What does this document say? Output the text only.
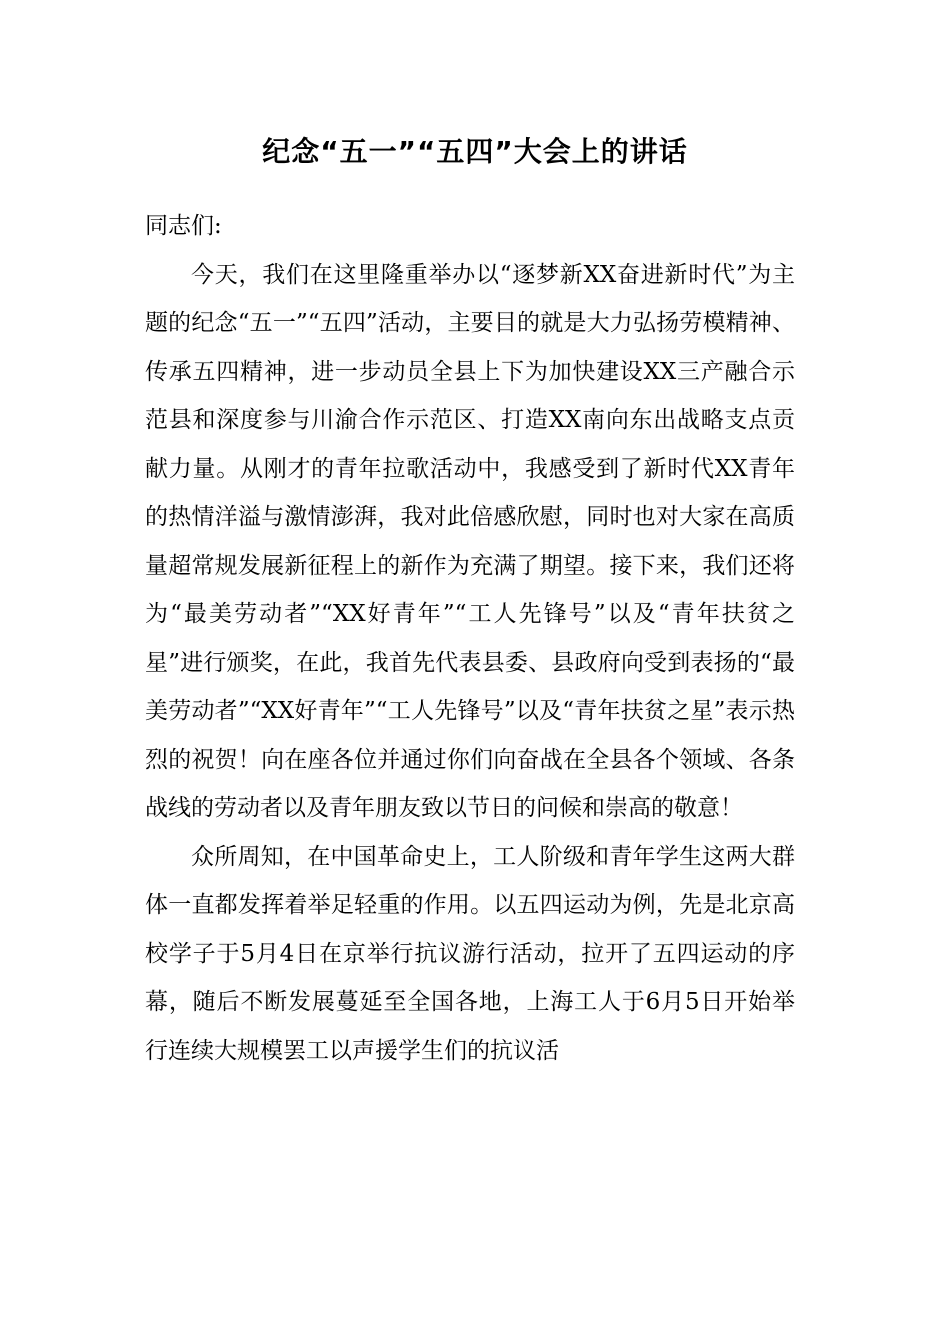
纪念“五一”“五四”大会上的讲话

同志们:

今天，我们在这里隆重举办以“逐梦新XX奋进新时代”为主题的纪念“五一”“五四”活动，主要目的就是大力弘扬劳模精神、传承五四精神，进一步动员全县上下为加快建设XX三产融合示范县和深度参与川渝合作示范区、打造XX南向东出战略支点贡献力量。从刚才的青年拉歌活动中，我感受到了新时代XX青年的热情洋溢与激情澎湃，我对此倍感欣慰，同时也对大家在高质量超常规发展新征程上的新作为充满了期望。接下来，我们还将为“最美劳动者”“XX好青年”“工人先锋号”以及“青年扶贫之星”进行颁奖，在此，我首先代表县委、县政府向受到表扬的“最美劳动者”“XX好青年”“工人先锋号”以及“青年扶贫之星”表示热烈的祝贺！向在座各位并通过你们向奋战在全县各个领域、各条战线的劳动者以及青年朋友致以节日的问候和崇高的敬意！

众所周知，在中国革命史上，工人阶级和青年学生这两大群体一直都发挥着举足轻重的作用。以五四运动为例，先是北京高校学子于5月4日在京举行抗议游行活动，拉开了五四运动的序幕，随后不断发展蔓延至全国各地，上海工人于6月5日开始举行连续大规模罢工以声援学生们的抗议活
